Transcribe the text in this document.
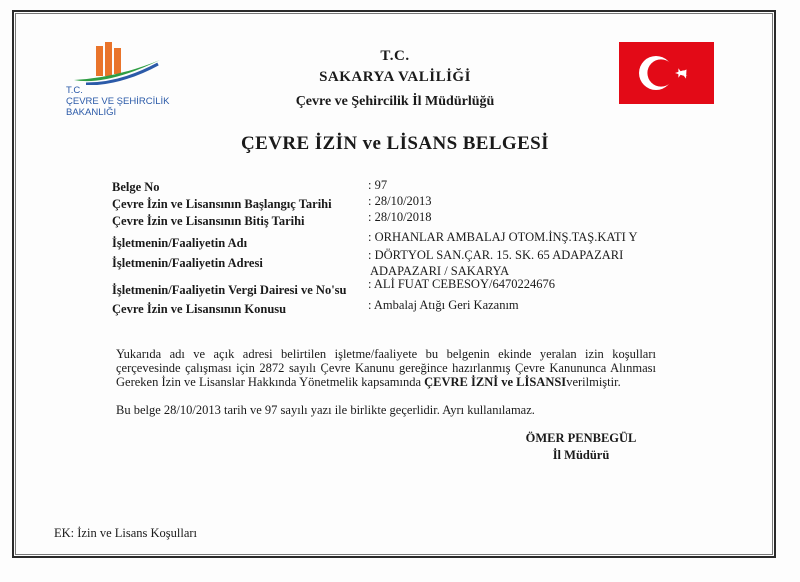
T.C.
ÇEVRE VE ŞEHİRCİLİK
BAKANLIĞI
T.C.
SAKARYA VALİLİĞİ
Çevre ve Şehircilik İl Müdürlüğü
ÇEVRE İZİN ve LİSANS BELGESİ
Belge No	: 97
Çevre İzin ve Lisansının Başlangıç Tarihi	: 28/10/2013
Çevre İzin ve Lisansının Bitiş Tarihi	: 28/10/2018
İşletmenin/Faaliyetin Adı	: ORHANLAR AMBALAJ OTOM.İNŞ.TAŞ.KATI Y
İşletmenin/Faaliyetin Adresi
: DÖRTYOL SAN.ÇAR. 15. SK. 65 ADAPAZARI
ADAPAZARI / SAKARYA
İşletmenin/Faaliyetin Vergi Dairesi ve No'su : ALİ FUAT CEBESOY/6470224676
Çevre İzin ve Lisansının Konusu	: Ambalaj Atığı Geri Kazanım
Yukarıda adı ve açık adresi belirtilen işletme/faaliyete bu belgenin ekinde yeralan izin koşulları çerçevesinde çalışması için 2872 sayılı Çevre Kanunu gereğince hazırlanmış Çevre Kanununca Alınması Gereken İzin ve Lisanslar Hakkında Yönetmelik kapsamında ÇEVRE İZNİ ve LİSANSIverilmiştir.
Bu belge 28/10/2013 tarih ve 97 sayılı yazı ile birlikte geçerlidir. Ayrı kullanılamaz.
ÖMER PENBEGÜL
İl Müdürü
EK: İzin ve Lisans Koşulları
